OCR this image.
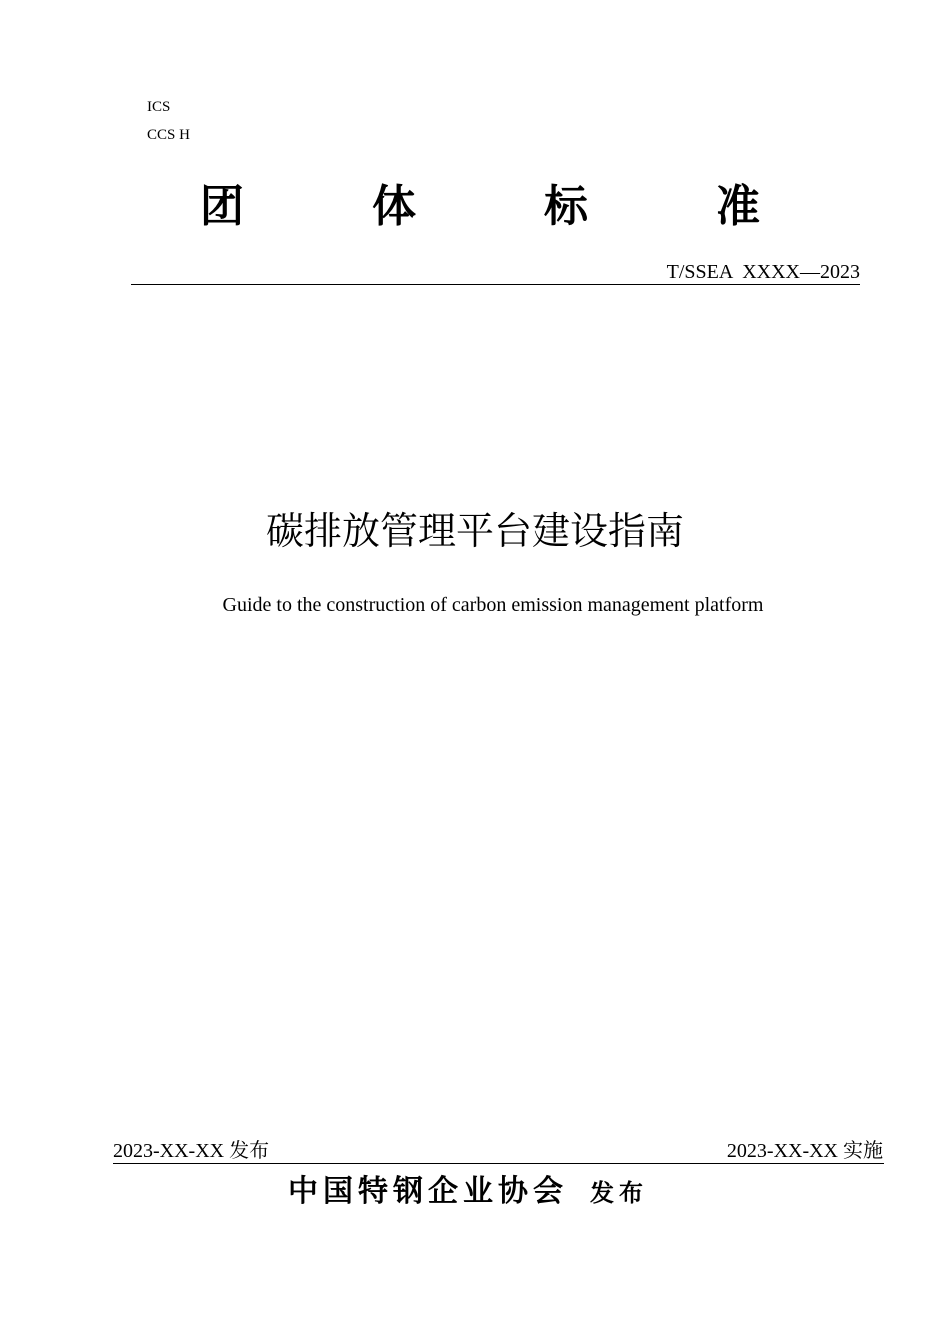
ICS
CCS H
团	体	标	准
T/SSEA  XXXX—2023
碳排放管理平台建设指南
Guide to the construction of carbon emission management platform
2023-XX-XX 发布	2023-XX-XX 实施
中国特钢企业协会 发布
